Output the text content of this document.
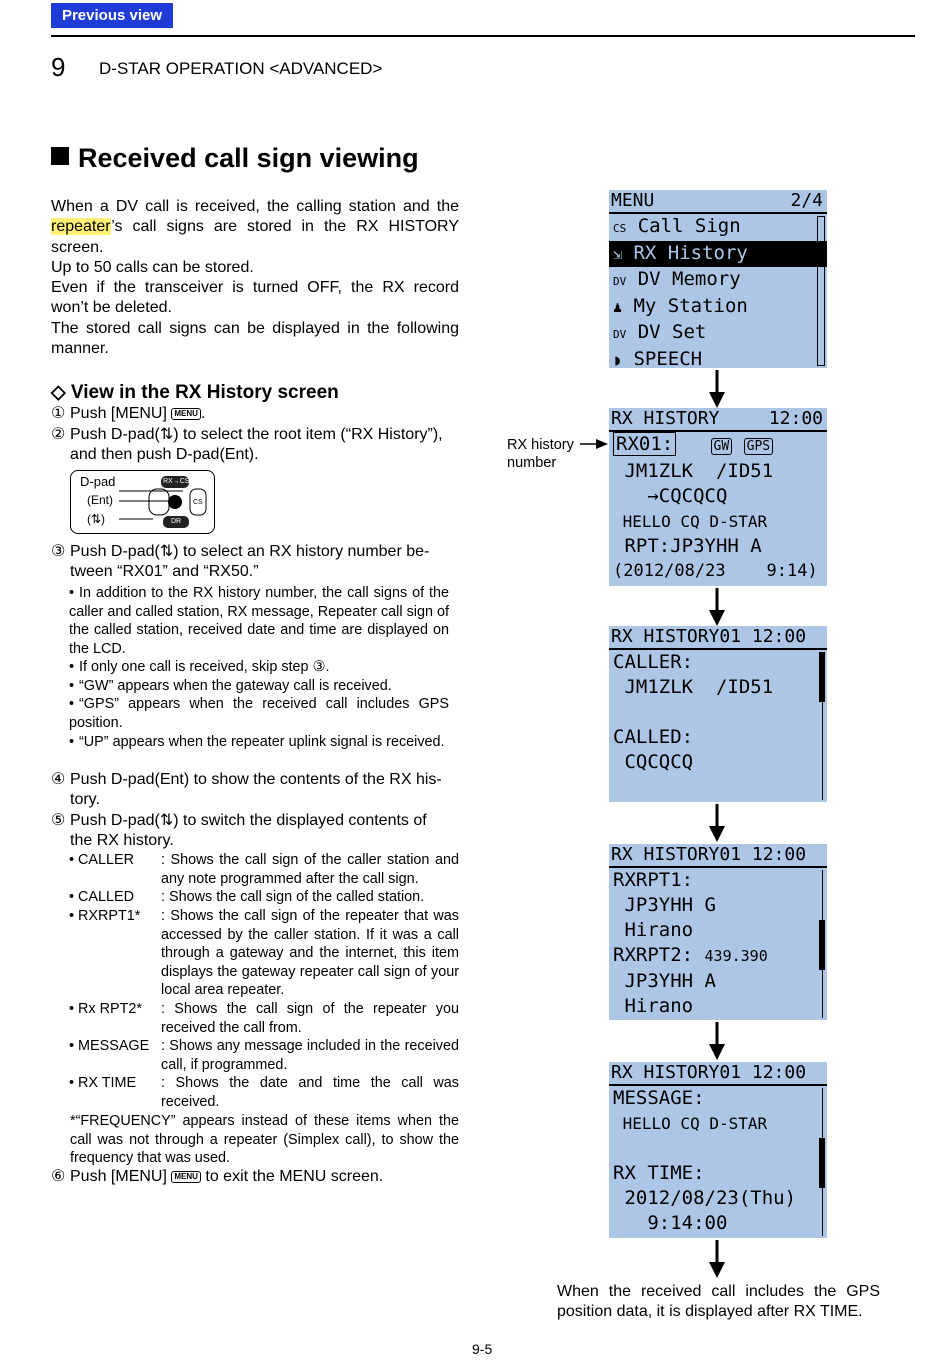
Previous view
9 D-STAR OPERATION <ADVANCED>
Received call sign viewing
When a DV call is received, the calling station and the repeater’s call signs are stored in the RX HISTORY screen.
Up to 50 calls can be stored.
Even if the transceiver is turned OFF, the RX record won’t be deleted.
The stored call signs can be displayed in the following manner.
◇ View in the RX History screen
① Push [MENU] MENU .
② Push D-pad(⇅) to select the root item (“RX History”),
and then push D-pad(Ent).
D-pad
(Ent)
(⇅)
RX→CS
DR
CS
③ Push D-pad(⇅) to select an RX history number be-
tween “RX01” and “RX50.”
• In addition to the RX history number, the call signs of the caller and called station, RX message, Repeater call sign of the called station, received date and time are displayed on the LCD.
• If only one call is received, skip step ③.
• “GW” appears when the gateway call is received.
• “GPS” appears when the received call includes GPS position.
• “UP” appears when the repeater uplink signal is received.
④ Push D-pad(Ent) to show the contents of the RX his-
tory.
⑤ Push D-pad(⇅) to switch the displayed contents of
the RX history.
• CALLER	: Shows the call sign of the caller station and any note programmed after the call sign.
• CALLED	: Shows the call sign of the called station.
• RXRPT1*	: Shows the call sign of the repeater that was accessed by the caller station. If it was a call through a gateway and the internet, this item displays the gateway repeater call sign of your local area repeater.
• Rx RPT2*	: Shows the call sign of the repeater you received the call from.
• MESSAGE : Shows any message included in the received call, if programmed.
• RX TIME	: Shows the date and time the call was received.
*“FREQUENCY” appears instead of these items when the call was not through a repeater (Simplex call), to show the frequency that was used.
⑥ Push [MENU] MENU to exit the MENU screen.
MENU	2/4
CS Call Sign
⇲ RX History
DV DV Memory
♟ My Station
DV DV Set
◗ SPEECH
RX HISTORY	12:00
RX01:	GW GPS
JM1ZLK  /ID51
→CQCQCQ
HELLO CQ D-STAR
RPT:JP3YHH A
(2012/08/23    9:14)
RX history
number
RX HISTORY01 12:00
CALLER:
JM1ZLK  /ID51

CALLED:
CQCQCQ
RX HISTORY01 12:00
RXRPT1:
JP3YHH G
Hirano
RXRPT2: 439.390
JP3YHH A
Hirano
RX HISTORY01 12:00
MESSAGE:
HELLO CQ D-STAR

RX TIME:
2012/08/23(Thu)
9:14:00
When the received call includes the GPS position data, it is displayed after RX TIME.
9-5
